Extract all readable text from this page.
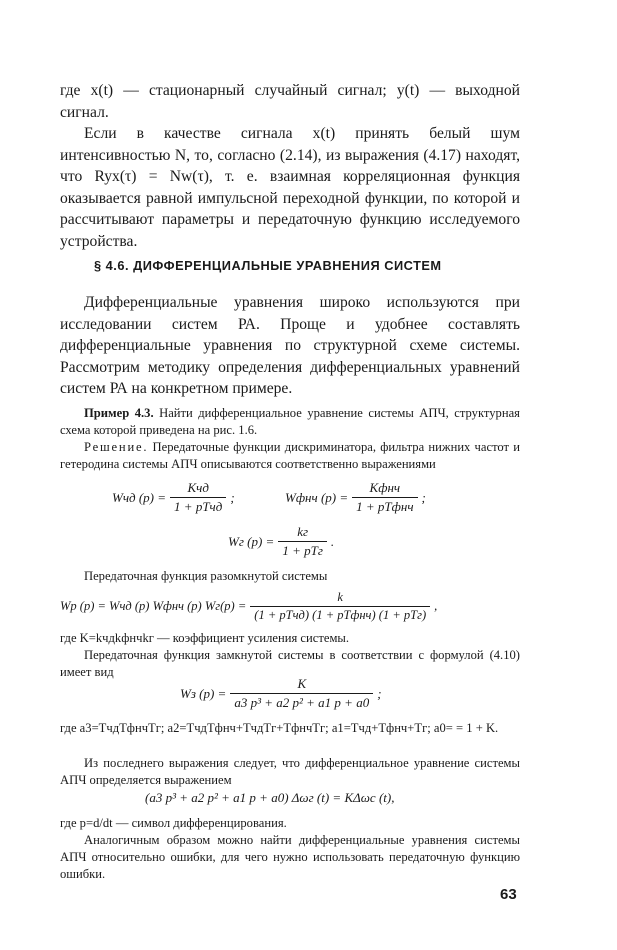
где x(t) — стационарный случайный сигнал; y(t) — выходной сигнал.

Если в качестве сигнала x(t) принять белый шум интенсивностью N, то, согласно (2.14), из выражения (4.17) находят, что Ryx(τ) = Nw(τ), т. е. взаимная корреляционная функция оказывается равной импульсной переходной функции, по которой и рассчитывают параметры и передаточную функцию исследуемого устройства.

§ 4.6. ДИФФЕРЕНЦИАЛЬНЫЕ УРАВНЕНИЯ СИСТЕМ

Дифференциальные уравнения широко используются при исследовании систем РА. Проще и удобнее составлять дифференциальные уравнения по структурной схеме системы. Рассмотрим методику определения дифференциальных уравнений систем РА на конкретном примере.

Пример 4.3. Найти дифференциальное уравнение системы АПЧ, структурная схема которой приведена на рис. 1.6.

Решение. Передаточные функции дискриминатора, фильтра нижних частот и гетеродина системы АПЧ описываются соответственно выражениями

Wчд $(p) = \frac{\text{Kчд}}{\text{1 + pTчд}}$ ;	Wфнч $(p) = \frac{\text{Kфнч}}{\text{1 + pTфнч}}$ ;
Wг $(p) = \frac{kг}{\text{1 + pTг}}$ .

Передаточная функция разомкнутой системы

Wр (p) = Wчд (p) Wфнч (p) $Wг(p) = \frac{k}{\text{(1 + pTчд) (1 + pTфнч) (1 + pTг)}}$ ,

где K=kчдkфнчkг — коэффициент усиления системы.

Передаточная функция замкнутой системы в соответствии с формулой (4.10) имеет вид

Wз $(p) = \frac{K}{\text{a3 p³ + a2 p² + a1 p + a0}}$ ;

где a3=TчдTфнчTг; a2=TчдTфнч+TчдTг+TфнчTг; a1=Tчд+Tфнч+Tг; a0= = 1 + K.

Из последнего выражения следует, что дифференциальное уравнение системы АПЧ определяется выражением

(a3 p³ + a2 p² + a1 p + a0) Δωг (t) = KΔωс (t),

где p=d/dt — символ дифференцирования.

Аналогичным образом можно найти дифференциальные уравнения системы АПЧ относительно ошибки, для чего нужно использовать передаточную функцию ошибки.

63
